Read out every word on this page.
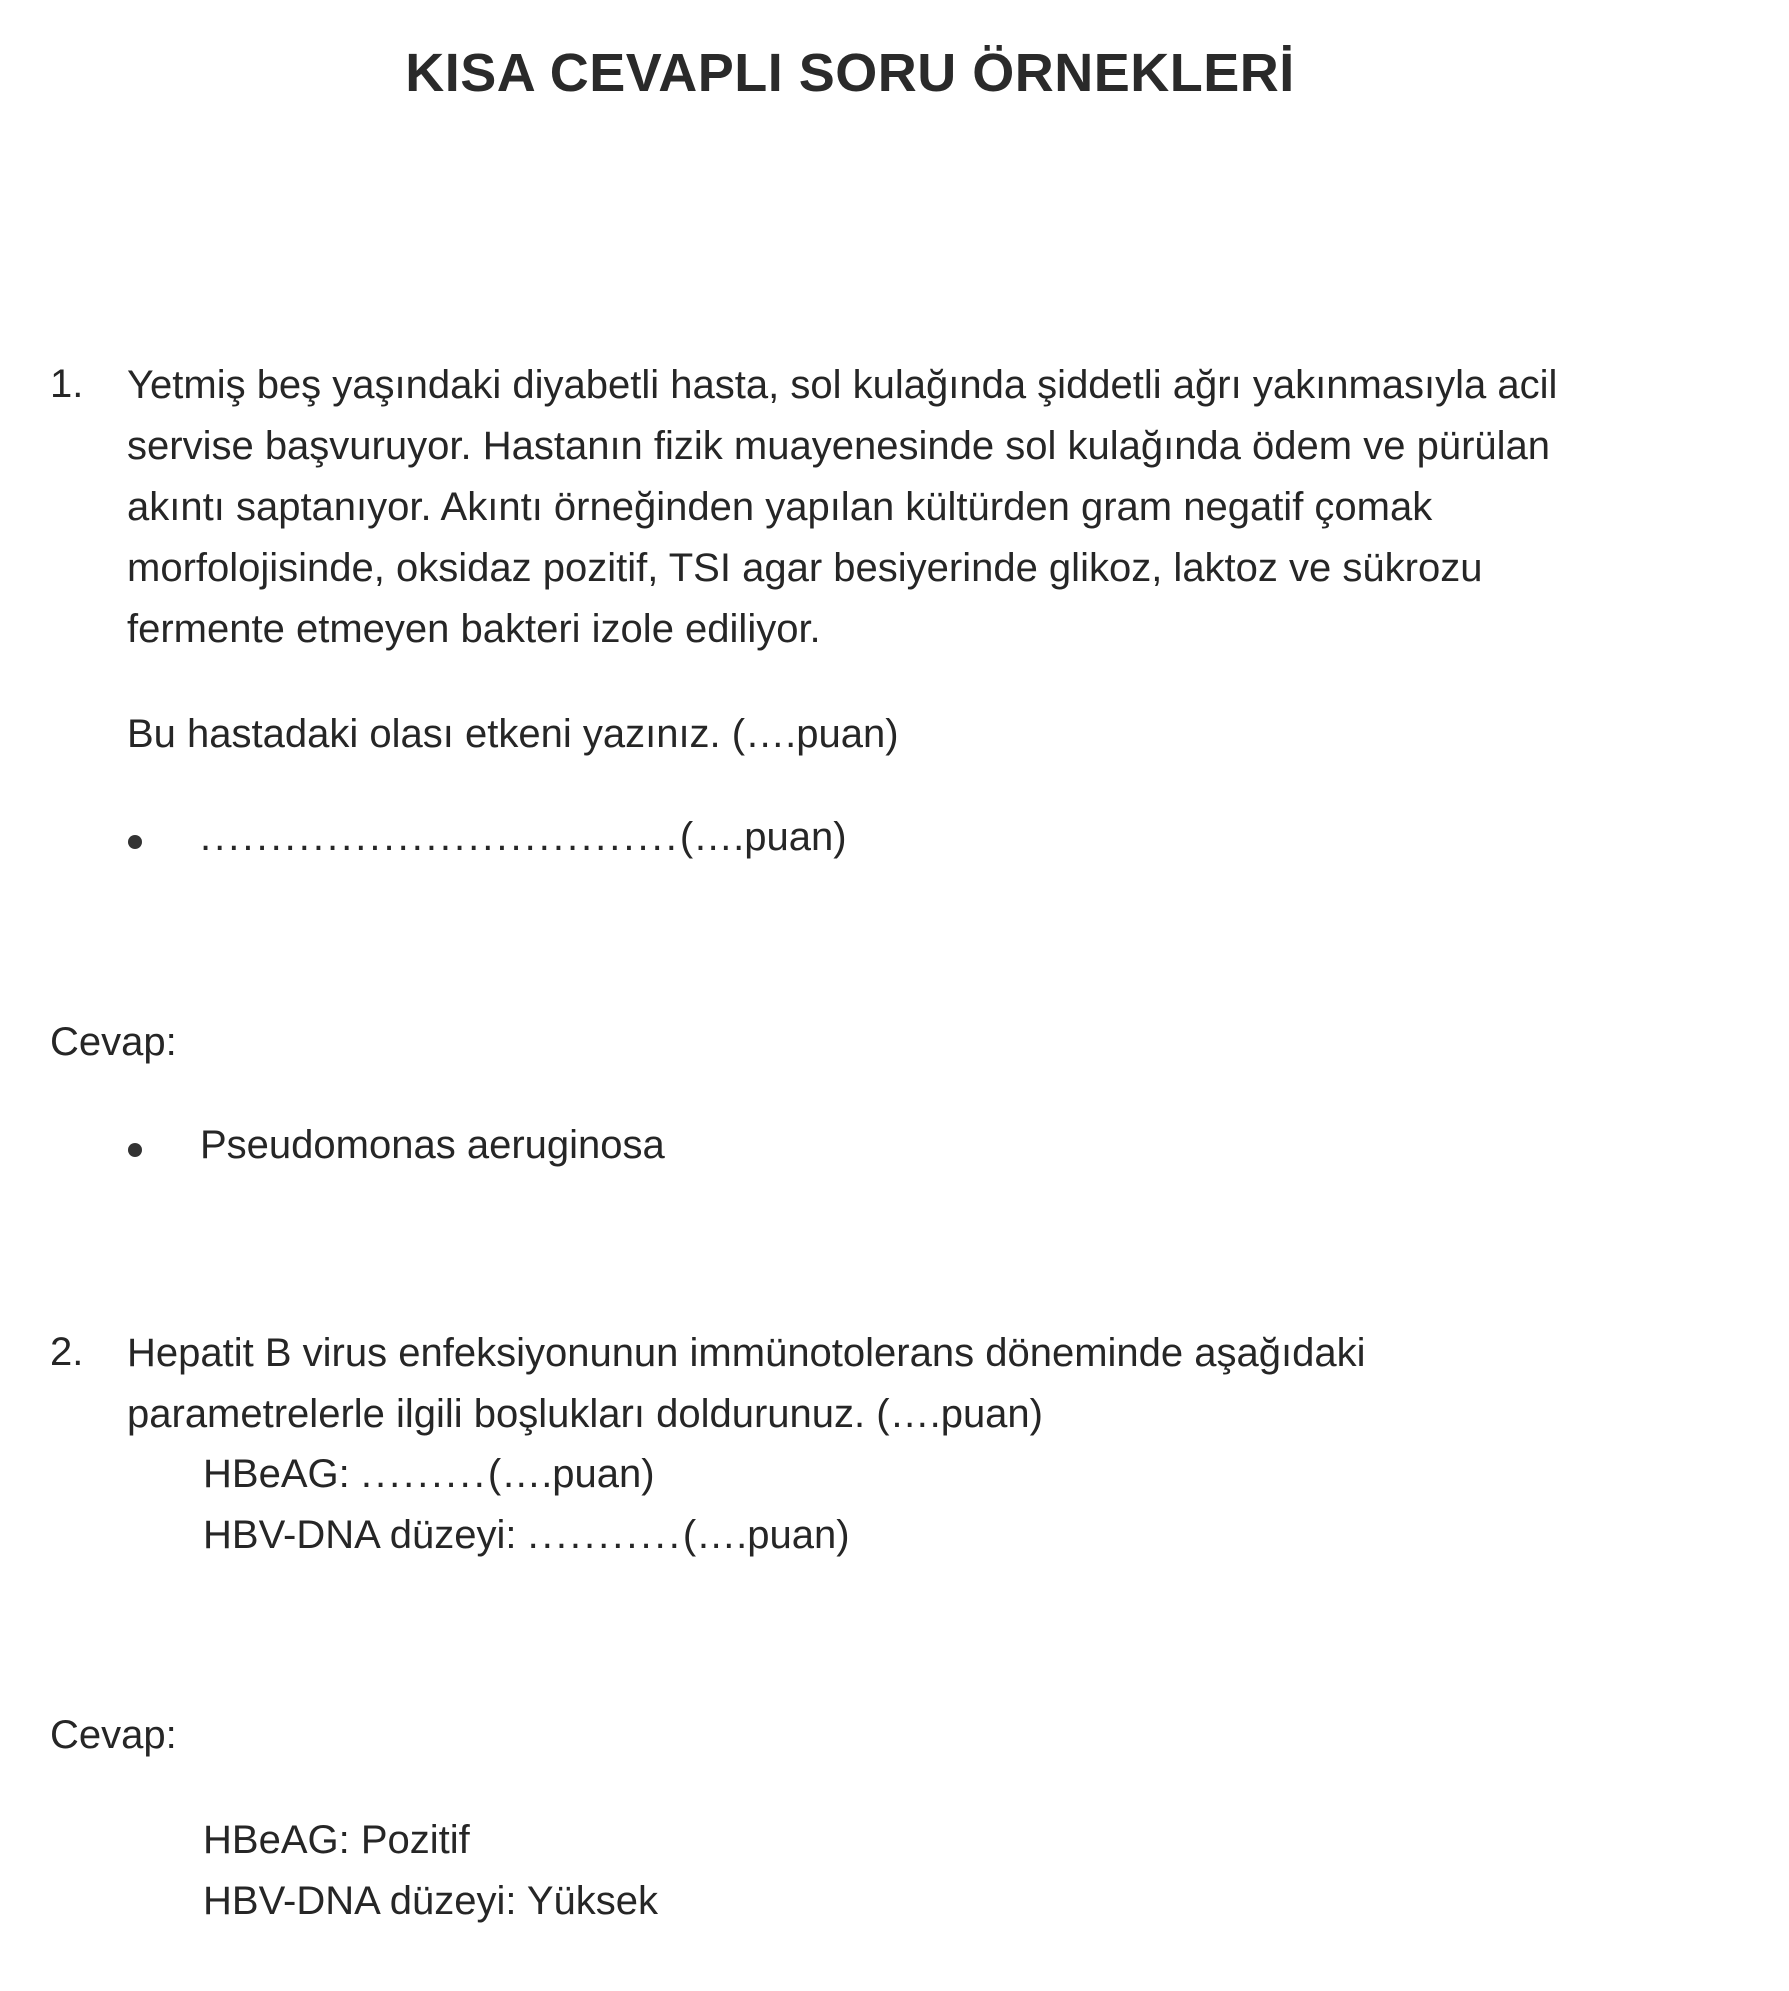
KISA CEVAPLI SORU ÖRNEKLERİ
1. Yetmiş beş yaşındaki diyabetli hasta, sol kulağında şiddetli ağrı yakınmasıyla acil
servise başvuruyor. Hastanın fizik muayenesinde sol kulağında ödem ve pürülan
akıntı saptanıyor. Akıntı örneğinden yapılan kültürden gram negatif çomak
morfolojisinde, oksidaz pozitif, TSI agar besiyerinde glikoz, laktoz ve sükrozu
fermente etmeyen bakteri izole ediliyor.
Bu hastadaki olası etkeni yazınız. (….puan)
..................................(….puan)
Cevap:
Pseudomonas aeruginosa
2. Hepatit B virus enfeksiyonunun immünotolerans döneminde aşağıdaki
parametrelerle ilgili boşlukları doldurunuz. (….puan)
HBeAG: .........(….puan)
HBV-DNA düzeyi: ...........(….puan)
Cevap:
HBeAG: Pozitif
HBV-DNA düzeyi: Yüksek
